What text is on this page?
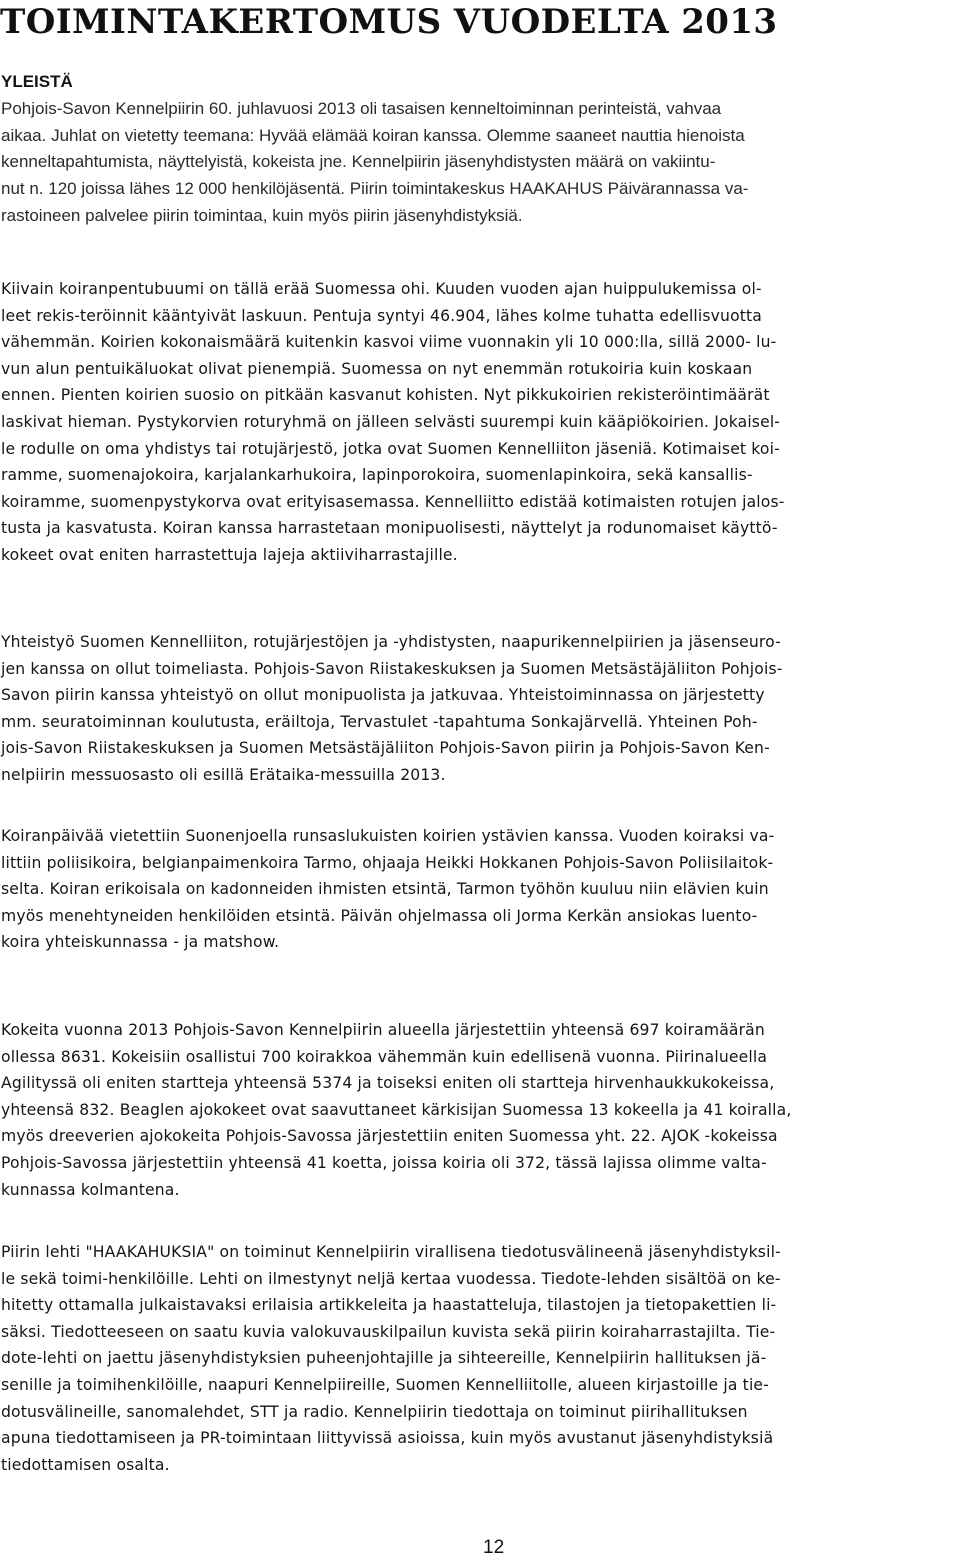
TOIMINTAKERTOMUS VUODELTA 2013
YLEISTÄ
Pohjois-Savon Kennelpiirin 60. juhlavuosi 2013 oli tasaisen kenneltoiminnan perinteistä, vahvaa
aikaa. Juhlat on vietetty teemana: Hyvää elämää koiran kanssa. Olemme saaneet nauttia hienoista
kenneltapahtumista, näyttelyistä, kokeista jne. Kennelpiirin jäsenyhdistysten määrä on vakiintu-
nut n. 120 joissa lähes 12 000 henkilöjäsentä. Piirin toimintakeskus HAAKAHUS Päivärannassa va-
rastoineen palvelee piirin toimintaa, kuin myös piirin jäsenyhdistyksiä.
Kiivain koiranpentubuumi on tällä erää Suomessa ohi. Kuuden vuoden ajan huippulukemissa ol-
leet rekis-teröinnit kääntyivät laskuun. Pentuja syntyi 46.904, lähes kolme tuhatta edellisvuotta
vähemmän. Koirien kokonaismäärä kuitenkin kasvoi viime vuonnakin yli 10 000:lla, sillä 2000- lu-
vun alun pentuikäluokat olivat pienempiä. Suomessa on nyt enemmän rotukoiria kuin koskaan
ennen. Pienten koirien suosio on pitkään kasvanut kohisten. Nyt pikkukoirien rekisteröintimäärät
laskivat hieman. Pystykorvien roturyhmä on jälleen selvästi suurempi kuin kääpiökoirien. Jokaisel-
le rodulle on oma yhdistys tai rotujärjestö, jotka ovat Suomen Kennelliiton jäseniä. Kotimaiset koi-
ramme, suomenajokoira, karjalankarhukoira, lapinporokoira, suomenlapinkoira, sekä kansallis-
koiramme, suomenpystykorva ovat erityisasemassa. Kennelliitto edistää kotimaisten rotujen jalos-
tusta ja kasvatusta. Koiran kanssa harrastetaan monipuolisesti, näyttelyt ja rodunomaiset käyttö-
kokeet ovat eniten harrastettuja lajeja aktiiviharrastajille.
Yhteistyö Suomen Kennelliiton, rotujärjestöjen ja -yhdistysten, naapurikennelpiirien ja jäsenseuro-
jen kanssa on ollut toimeliasta. Pohjois-Savon Riistakeskuksen ja Suomen Metsästäjäliiton Pohjois-
Savon piirin kanssa yhteistyö on ollut monipuolista ja jatkuvaa. Yhteistoiminnassa on järjestetty
mm. seuratoiminnan koulutusta, eräiltoja, Tervastulet -tapahtuma Sonkajärvellä. Yhteinen Poh-
jois-Savon Riistakeskuksen ja Suomen Metsästäjäliiton Pohjois-Savon piirin ja Pohjois-Savon Ken-
nelpiirin messuosasto oli esillä Erätaika-messuilla 2013.
Koiranpäivää vietettiin Suonenjoella runsaslukuisten koirien ystävien kanssa. Vuoden koiraksi va-
littiin poliisikoira, belgianpaimenkoira Tarmo, ohjaaja Heikki Hokkanen Pohjois-Savon Poliisilaitok-
selta. Koiran erikoisala on kadonneiden ihmisten etsintä, Tarmon työhön kuuluu niin elävien kuin
myös menehtyneiden henkilöiden etsintä. Päivän ohjelmassa oli Jorma Kerkän ansiokas luento-
koira yhteiskunnassa - ja matshow.
Kokeita vuonna 2013 Pohjois-Savon Kennelpiirin alueella järjestettiin yhteensä 697 koiramäärän
ollessa 8631. Kokeisiin osallistui 700 koirakkoa vähemmän kuin edellisenä vuonna. Piirinalueella
Agilityssä oli eniten startteja yhteensä 5374 ja toiseksi eniten oli startteja hirvenhaukkukokeissa,
yhteensä 832. Beaglen ajokokeet ovat saavuttaneet kärkisijan Suomessa 13 kokeella ja 41 koiralla,
myös dreeverien ajokokeita Pohjois-Savossa järjestettiin eniten Suomessa yht. 22. AJOK -kokeissa
Pohjois-Savossa järjestettiin yhteensä 41 koetta, joissa koiria oli 372, tässä lajissa olimme valta-
kunnassa kolmantena.
Piirin lehti "HAAKAHUKSIA" on toiminut Kennelpiirin virallisena tiedotusvälineenä jäsenyhdistyksil-
le sekä toimi-henkilöille. Lehti on ilmestynyt neljä kertaa vuodessa. Tiedote-lehden sisältöä on ke-
hitetty ottamalla julkaistavaksi erilaisia artikkeleita ja haastatteluja, tilastojen ja tietopakettien li-
säksi. Tiedotteeseen on saatu kuvia valokuvauskilpailun kuvista sekä piirin koiraharrastajilta. Tie-
dote-lehti on jaettu jäsenyhdistyksien puheenjohtajille ja sihteereille, Kennelpiirin hallituksen jä-
senille ja toimihenkilöille, naapuri Kennelpiireille, Suomen Kennelliitolle, alueen kirjastoille ja tie-
dotusvälineille, sanomalehdet, STT ja radio. Kennelpiirin tiedottaja on toiminut piirihallituksen
apuna tiedottamiseen ja PR-toimintaan liittyvissä asioissa, kuin myös avustanut jäsenyhdistyksiä
tiedottamisen osalta.
12
